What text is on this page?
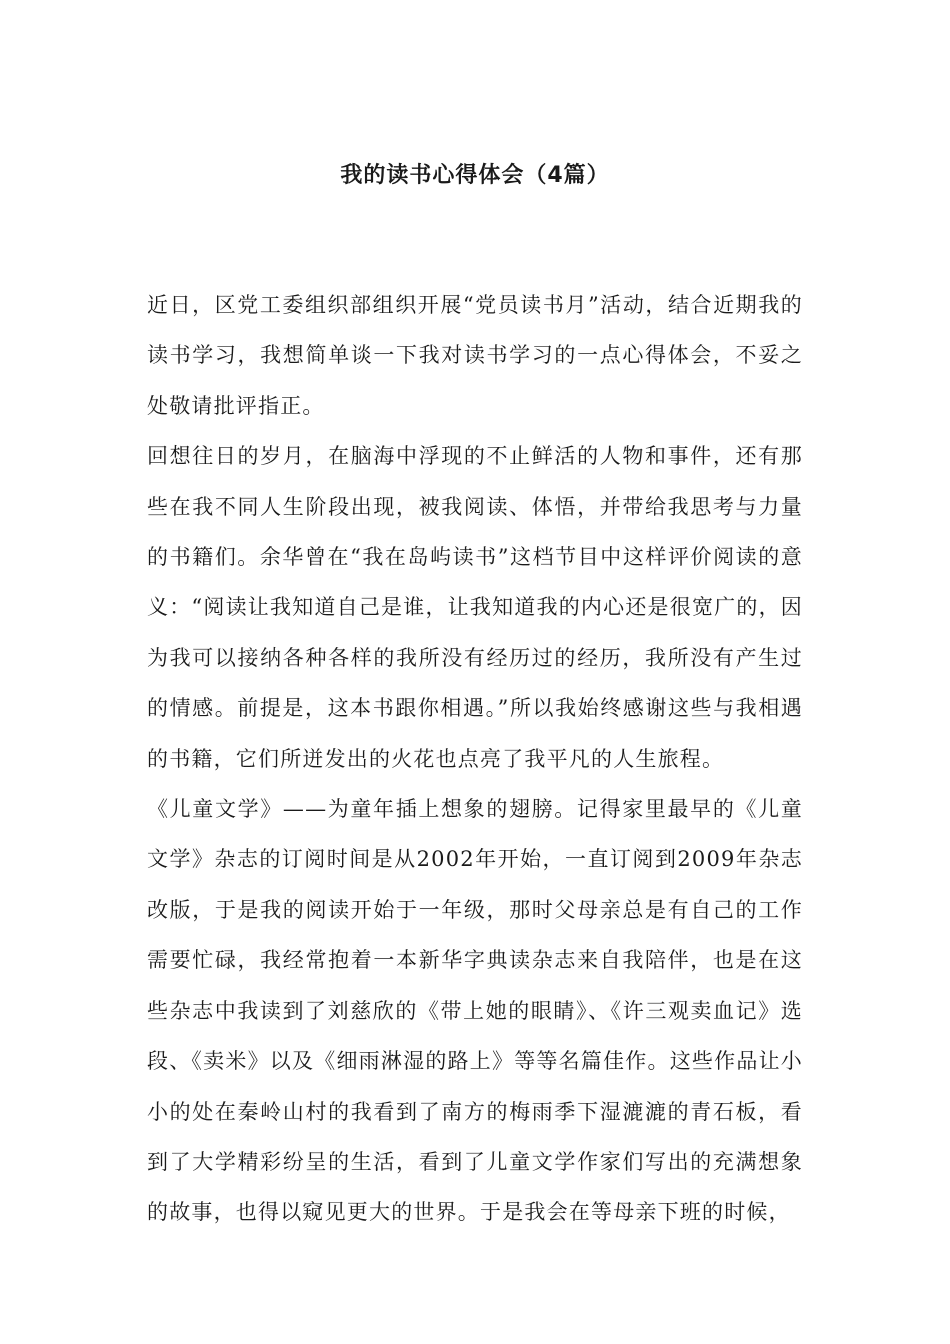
我的读书心得体会（4篇）

近日，区党工委组织部组织开展“党员读书月”活动，结合近期我的读书学习，我想简单谈一下我对读书学习的一点心得体会，不妥之处敬请批评指正。

回想往日的岁月，在脑海中浮现的不止鲜活的人物和事件，还有那些在我不同人生阶段出现，被我阅读、体悟，并带给我思考与力量的书籍们。余华曾在“我在岛屿读书”这档节目中这样评价阅读的意义：“阅读让我知道自己是谁，让我知道我的内心还是很宽广的，因为我可以接纳各种各样的我所没有经历过的经历，我所没有产生过的情感。前提是，这本书跟你相遇。”所以我始终感谢这些与我相遇的书籍，它们所迸发出的火花也点亮了我平凡的人生旅程。

《儿童文学》——为童年插上想象的翅膀。记得家里最早的《儿童文学》杂志的订阅时间是从2002年开始，一直订阅到2009年杂志改版，于是我的阅读开始于一年级，那时父母亲总是有自己的工作需要忙碌，我经常抱着一本新华字典读杂志来自我陪伴，也是在这些杂志中我读到了刘慈欣的《带上她的眼睛》、《许三观卖血记》选段、《卖米》以及《细雨淋湿的路上》等等名篇佳作。这些作品让小小的处在秦岭山村的我看到了南方的梅雨季下湿漉漉的青石板，看到了大学精彩纷呈的生活，看到了儿童文学作家们写出的充满想象的故事，也得以窥见更大的世界。于是我会在等母亲下班的时候，
